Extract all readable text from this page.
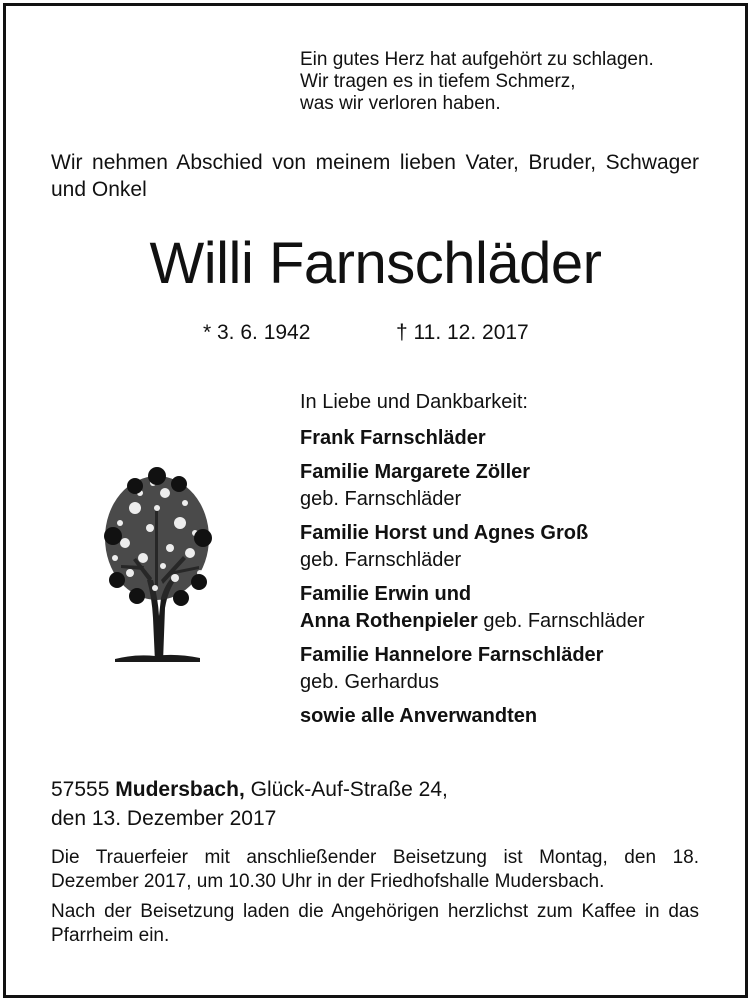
Ein gutes Herz hat aufgehört zu schlagen.
Wir tragen es in tiefem Schmerz,
was wir verloren haben.
Wir nehmen Abschied von meinem lieben Vater, Bruder, Schwager und Onkel
Willi Farnschläder
* 3. 6. 1942	† 11. 12. 2017
In Liebe und Dankbarkeit:
Frank Farnschläder
Familie Margarete Zöller
geb. Farnschläder
Familie Horst und Agnes Groß
geb. Farnschläder
Familie Erwin und
Anna Rothenpieler geb. Farnschläder
Familie Hannelore Farnschläder
geb. Gerhardus
sowie alle Anverwandten
57555 Mudersbach, Glück-Auf-Straße 24,
den 13. Dezember 2017

Die Trauerfeier mit anschließender Beisetzung ist Montag, den 18. Dezember 2017, um 10.30 Uhr in der Friedhofshalle Mudersbach.

Nach der Beisetzung laden die Angehörigen herzlichst zum Kaffee in das Pfarrheim ein.
